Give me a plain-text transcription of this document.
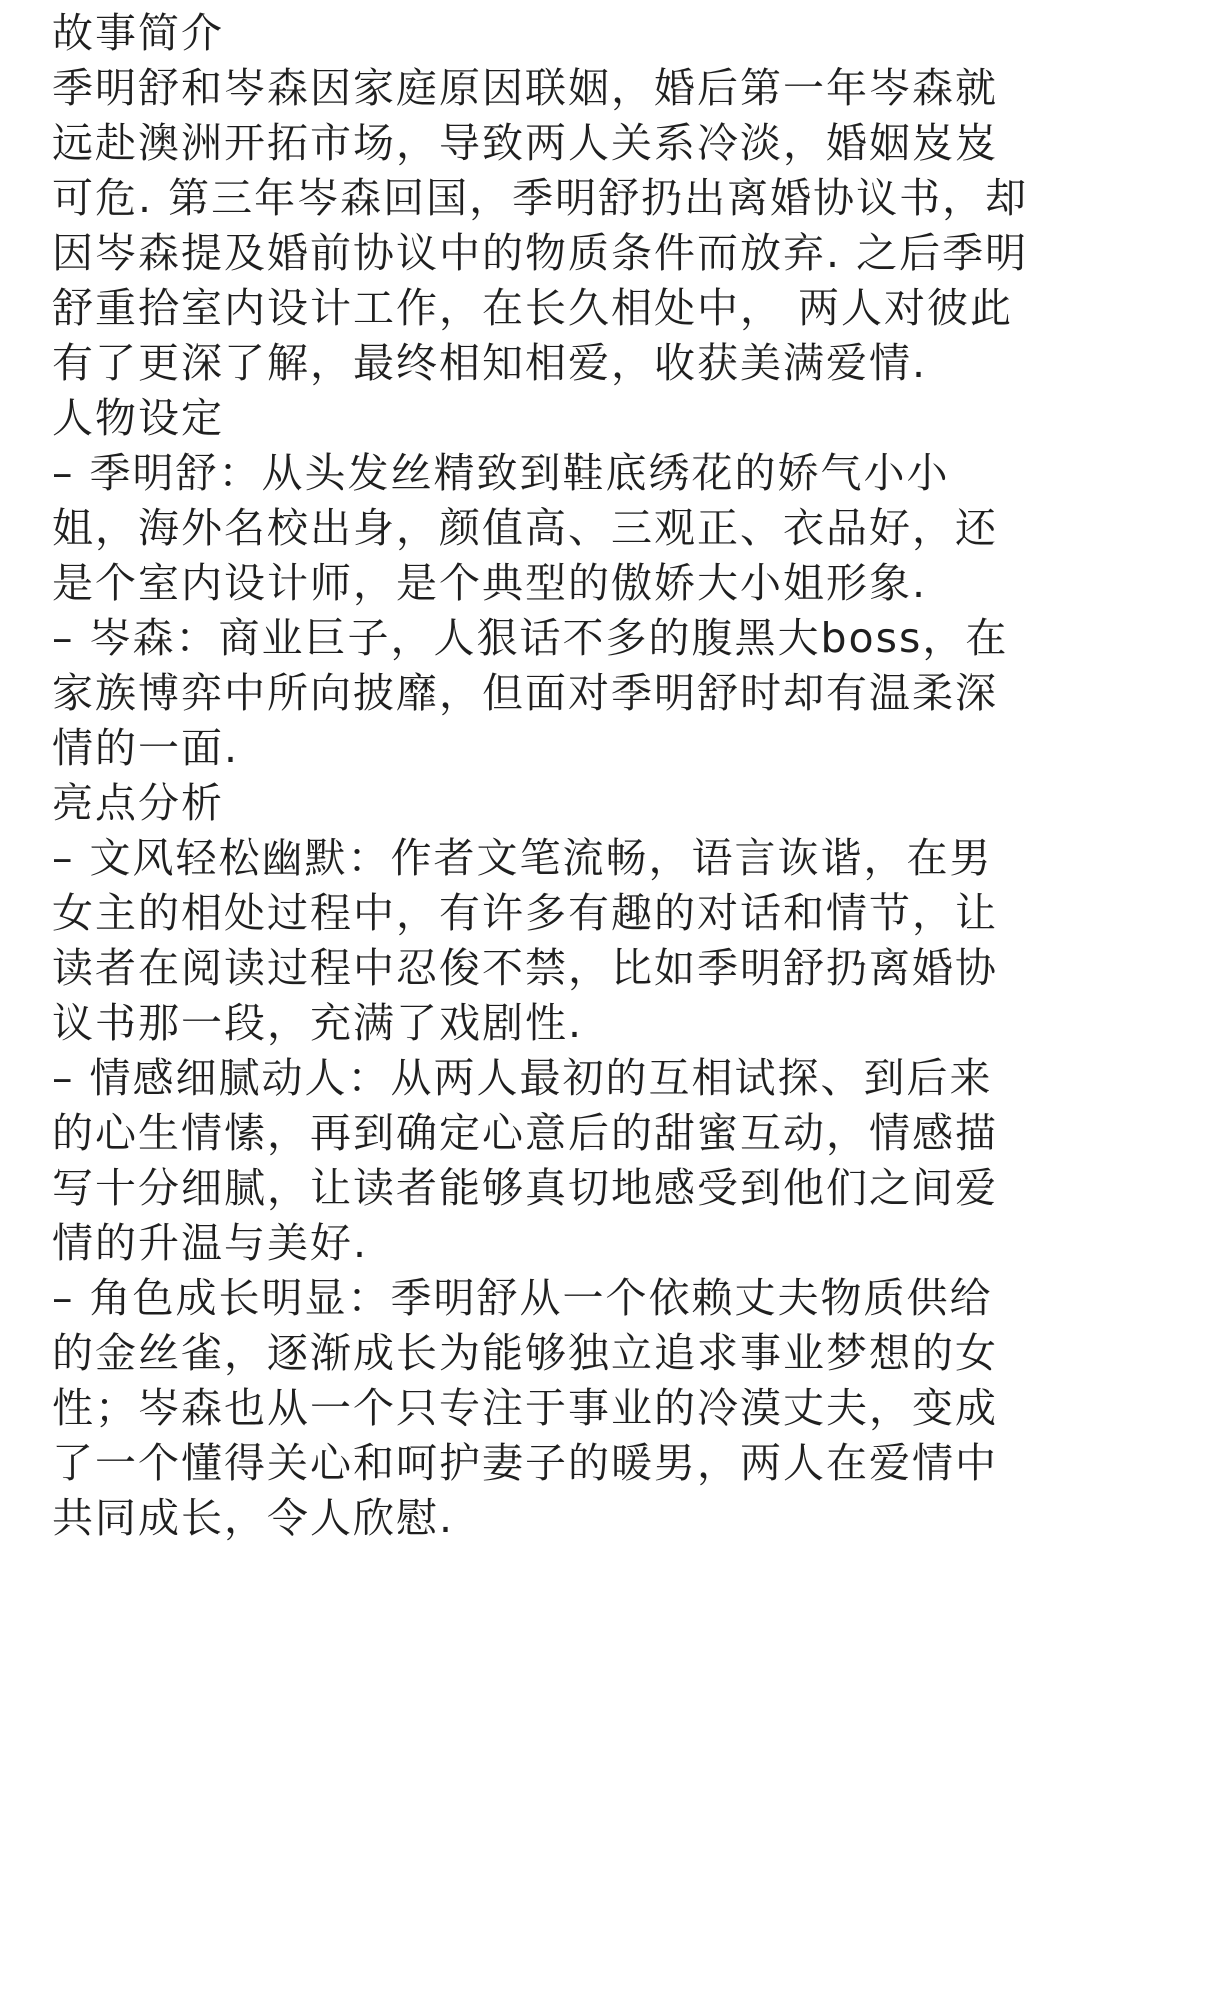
故事简介
季明舒和岑森因家庭原因联姻，婚后第一年岑森就
远赴澳洲开拓市场，导致两人关系冷淡，婚姻岌岌
可危. 第三年岑森回国，季明舒扔出离婚协议书，却
因岑森提及婚前协议中的物质条件而放弃. 之后季明
舒重拾室内设计工作，在长久相处中， 两人对彼此
有了更深了解，最终相知相爱，收获美满爱情.
人物设定
– 季明舒：从头发丝精致到鞋底绣花的娇气小小
姐，海外名校出身，颜值高、三观正、衣品好，还
是个室内设计师，是个典型的傲娇大小姐形象.
– 岑森：商业巨子，人狠话不多的腹黑大boss，在
家族博弈中所向披靡，但面对季明舒时却有温柔深
情的一面.
亮点分析
– 文风轻松幽默：作者文笔流畅，语言诙谐，在男
女主的相处过程中，有许多有趣的对话和情节，让
读者在阅读过程中忍俊不禁，比如季明舒扔离婚协
议书那一段，充满了戏剧性.
– 情感细腻动人：从两人最初的互相试探、到后来
的心生情愫，再到确定心意后的甜蜜互动，情感描
写十分细腻，让读者能够真切地感受到他们之间爱
情的升温与美好.
– 角色成长明显：季明舒从一个依赖丈夫物质供给
的金丝雀，逐渐成长为能够独立追求事业梦想的女
性；岑森也从一个只专注于事业的冷漠丈夫，变成
了一个懂得关心和呵护妻子的暖男，两人在爱情中
共同成长，令人欣慰.
